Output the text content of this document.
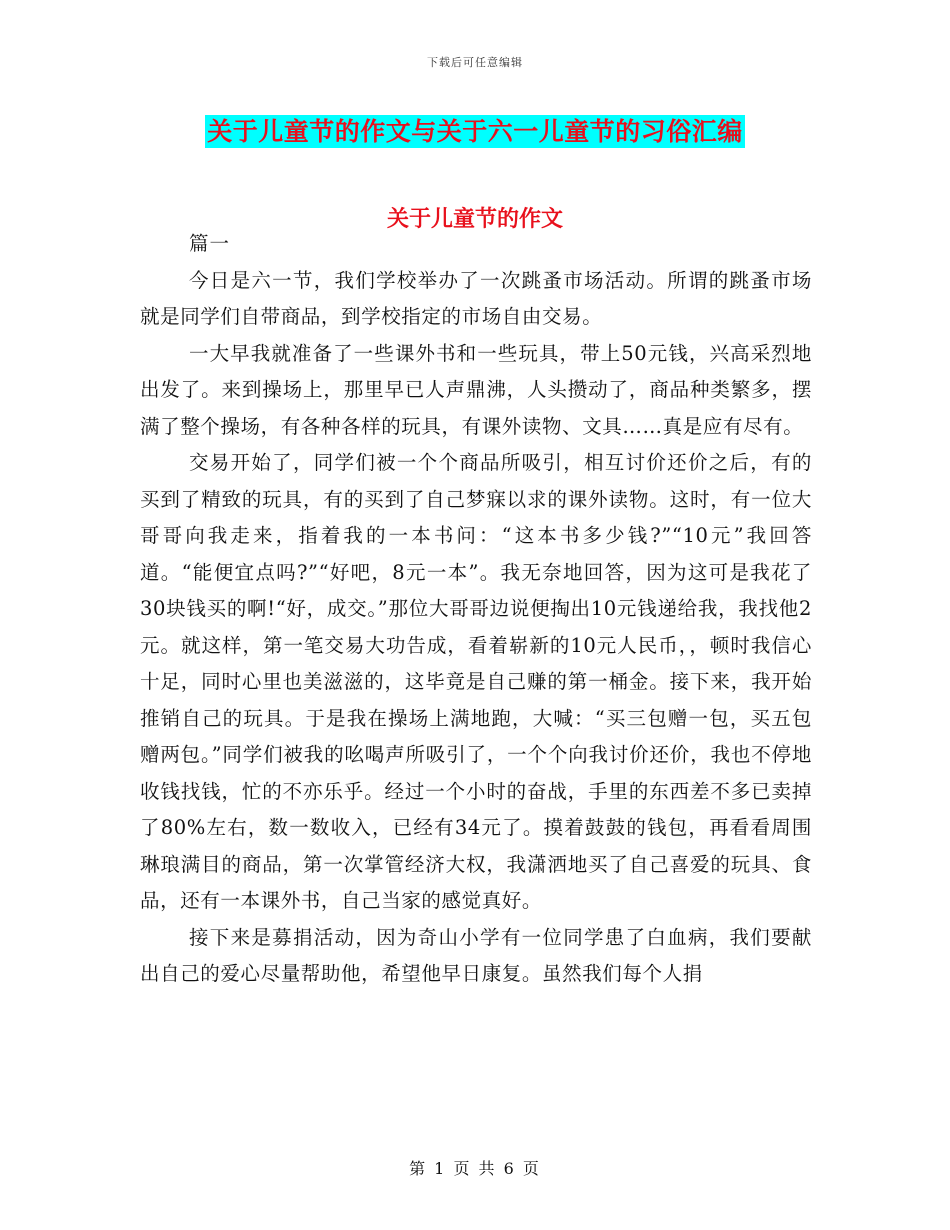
下载后可任意编辑
关于儿童节的作文与关于六一儿童节的习俗汇编
关于儿童节的作文

篇一

今日是六一节，我们学校举办了一次跳蚤市场活动。所谓的跳蚤市场就是同学们自带商品，到学校指定的市场自由交易。

一大早我就准备了一些课外书和一些玩具，带上50元钱，兴高采烈地出发了。来到操场上，那里早已人声鼎沸，人头攒动了，商品种类繁多，摆满了整个操场，有各种各样的玩具，有课外读物、文具……真是应有尽有。

交易开始了，同学们被一个个商品所吸引，相互讨价还价之后，有的买到了精致的玩具，有的买到了自己梦寐以求的课外读物。这时，有一位大哥哥向我走来，指着我的一本书问：“这本书多少钱?”“10元”我回答道。“能便宜点吗?”“好吧，8元一本”。我无奈地回答，因为这可是我花了30块钱买的啊!“好，成交。”那位大哥哥边说便掏出10元钱递给我，我找他2元。就这样，第一笔交易大功告成，看着崭新的10元人民币，，顿时我信心十足，同时心里也美滋滋的，这毕竟是自己赚的第一桶金。接下来，我开始推销自己的玩具。于是我在操场上满地跑，大喊：“买三包赠一包，买五包赠两包。”同学们被我的吆喝声所吸引了，一个个向我讨价还价，我也不停地收钱找钱，忙的不亦乐乎。经过一个小时的奋战，手里的东西差不多已卖掉了80%左右，数一数收入，已经有34元了。摸着鼓鼓的钱包，再看看周围琳琅满目的商品，第一次掌管经济大权，我潇洒地买了自己喜爱的玩具、食品，还有一本课外书，自己当家的感觉真好。

接下来是募捐活动，因为奇山小学有一位同学患了白血病，我们要献出自己的爱心尽量帮助他，希望他早日康复。虽然我们每个人捐

第 1 页 共 6 页
